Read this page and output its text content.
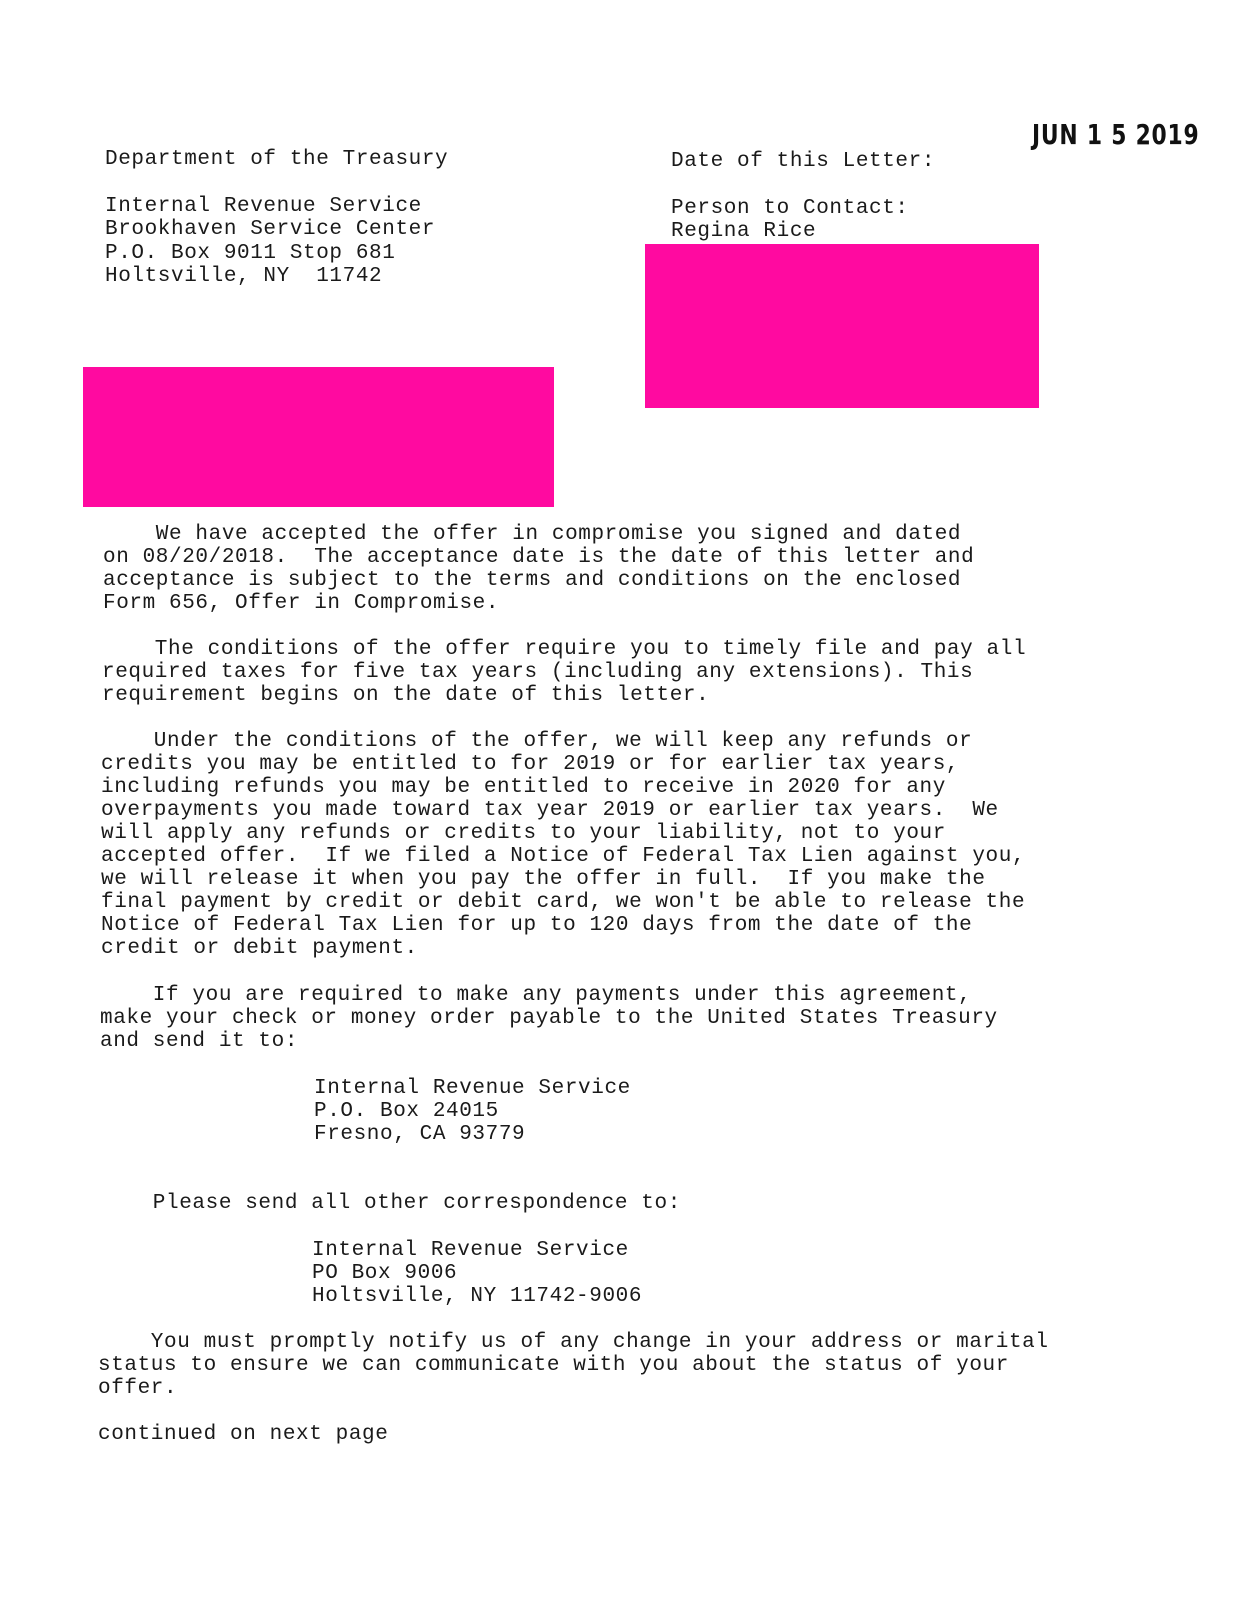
JUN 1 5 2019
Department of the Treasury
Internal Revenue Service
Brookhaven Service Center
P.O. Box 9011 Stop 681
Holtsville, NY  11742
Date of this Letter:
Person to Contact:
Regina Rice
We have accepted the offer in compromise you signed and dated
on 08/20/2018.  The acceptance date is the date of this letter and
acceptance is subject to the terms and conditions on the enclosed
Form 656, Offer in Compromise.
The conditions of the offer require you to timely file and pay all
required taxes for five tax years (including any extensions). This
requirement begins on the date of this letter.
Under the conditions of the offer, we will keep any refunds or
credits you may be entitled to for 2019 or for earlier tax years,
including refunds you may be entitled to receive in 2020 for any
overpayments you made toward tax year 2019 or earlier tax years.  We
will apply any refunds or credits to your liability, not to your
accepted offer.  If we filed a Notice of Federal Tax Lien against you,
we will release it when you pay the offer in full.  If you make the
final payment by credit or debit card, we won't be able to release the
Notice of Federal Tax Lien for up to 120 days from the date of the
credit or debit payment.
If you are required to make any payments under this agreement,
make your check or money order payable to the United States Treasury
and send it to:
Internal Revenue Service
P.O. Box 24015
Fresno, CA 93779
Please send all other correspondence to:
Internal Revenue Service
PO Box 9006
Holtsville, NY 11742-9006
You must promptly notify us of any change in your address or marital
status to ensure we can communicate with you about the status of your
offer.
continued on next page
